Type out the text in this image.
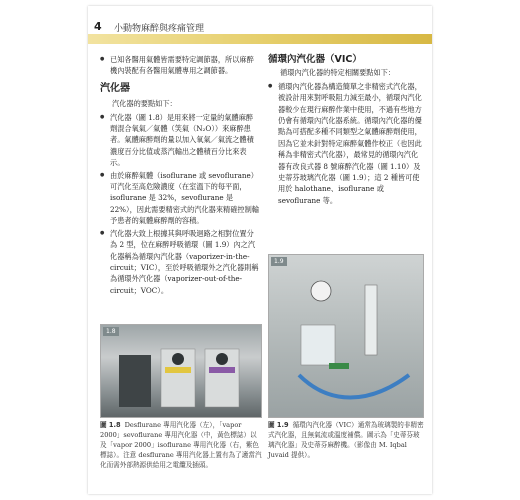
4 小動物麻醉與疼痛管理
● 已知各醫用氣體皆需要特定調節器，所以麻醉機內裝配有各醫用氣體專用之調節器。
汽化器

汽化器的要點如下：

● 汽化器（圖 1.8）是用來將一定量的氣體麻醉劑混合氧氣／氣體（笑氣（N₂O））來麻醉患者。氣體麻醉劑的量以加入氧氣／氣流之體積濃度百分比值或蒸汽輸出之體積百分比來表示。
● 由於麻醉氣體（isoflurane 或 sevoflurane）可汽化至高危險濃度（在室溫下的每平面，isoflurane 是 32%，sevoflurane 是 22%），因此需要精密式的汽化器來精確控制輸予患者的氣體麻醉劑的容積。
● 汽化器大致上根據其與呼吸迴路之相對位置分為 2 型，位在麻醉呼吸循環（圖 1.9）內之汽化器稱為循環內汽化器（vaporizer-in-the-circuit；VIC），至於呼吸循環外之汽化器則稱為循環外汽化器（vaporizer-out-of-the-circuit；VOC）。
循環內汽化器（VIC）

循環內汽化器的特定相關要點如下：

● 循環內汽化器為構造簡單之非精密式汽化器，被設計用來對呼吸阻力減至最小，循環內汽化器較少在現行麻醉作業中使用，不過有些地方仍會有循環內汽化器系統。循環內汽化器的優點為可搭配多種不同類型之氣體麻醉劑使用，因為它並未針對特定麻醉氣體作校正（也因此稱為非精密式汽化器），最常見的循環內汽化器有改良式器 8 號麻醉汽化器（圖 1.10）及史蒂芬玻璃汽化器（圖 1.9）；這 2 種皆可使用於 halothane、isoflurane 或 sevoflurane 等。
1.8
圖 1.8 Desflurane 專用汽化器（左），「vapor 2000」sevoflurane 專用汽化器（中，黃色標誌）以及「vapor 2000」isoflurane 專用汽化器（右，紫色標誌）。注意 desflurane 專用汽化器上置有為了適當汽化而需外部熱源供給用之電纜及插頭。
1.9
圖 1.9 循環內汽化器（VIC）通常為玻璃製的非精密式汽化器，且無氣流或溫度補償。圖示為「史蒂芬玻璃汽化器」及史蒂芬麻醉機。（影像由 M. Iqbal Juvaid 提供）。
